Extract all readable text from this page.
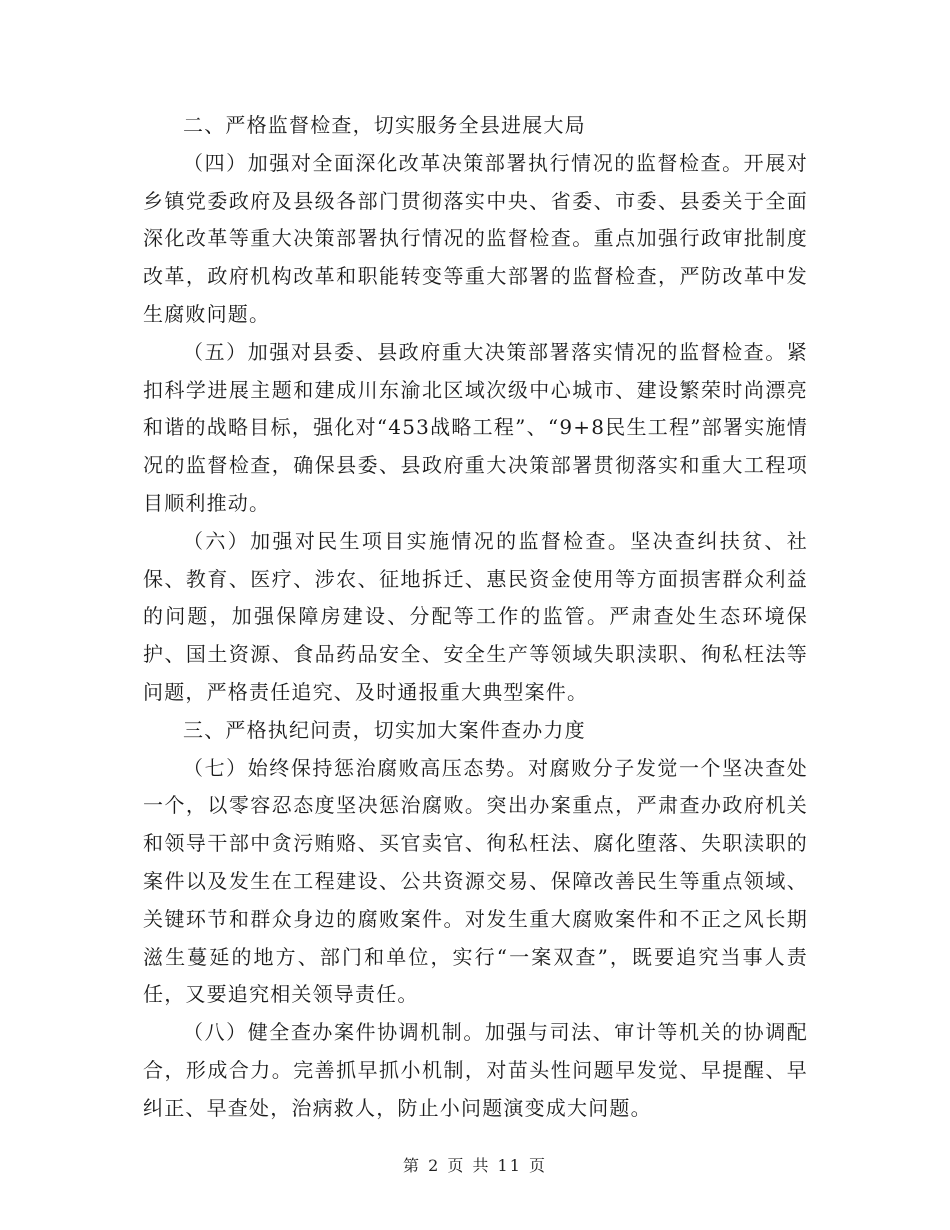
二、严格监督检查，切实服务全县进展大局

（四）加强对全面深化改革决策部署执行情况的监督检查。开展对乡镇党委政府及县级各部门贯彻落实中央、省委、市委、县委关于全面深化改革等重大决策部署执行情况的监督检查。重点加强行政审批制度改革，政府机构改革和职能转变等重大部署的监督检查，严防改革中发生腐败问题。

（五）加强对县委、县政府重大决策部署落实情况的监督检查。紧扣科学进展主题和建成川东渝北区域次级中心城市、建设繁荣时尚漂亮和谐的战略目标，强化对“453战略工程”、“9+8民生工程”部署实施情况的监督检查，确保县委、县政府重大决策部署贯彻落实和重大工程项目顺利推动。

（六）加强对民生项目实施情况的监督检查。坚决查纠扶贫、社保、教育、医疗、涉农、征地拆迁、惠民资金使用等方面损害群众利益的问题，加强保障房建设、分配等工作的监管。严肃查处生态环境保护、国土资源、食品药品安全、安全生产等领域失职渎职、徇私枉法等问题，严格责任追究、及时通报重大典型案件。

三、严格执纪问责，切实加大案件查办力度

（七）始终保持惩治腐败高压态势。对腐败分子发觉一个坚决查处一个，以零容忍态度坚决惩治腐败。突出办案重点，严肃查办政府机关和领导干部中贪污贿赂、买官卖官、徇私枉法、腐化堕落、失职渎职的案件以及发生在工程建设、公共资源交易、保障改善民生等重点领域、关键环节和群众身边的腐败案件。对发生重大腐败案件和不正之风长期滋生蔓延的地方、部门和单位，实行“一案双查”，既要追究当事人责任，又要追究相关领导责任。

（八）健全查办案件协调机制。加强与司法、审计等机关的协调配合，形成合力。完善抓早抓小机制，对苗头性问题早发觉、早提醒、早纠正、早查处，治病救人，防止小问题演变成大问题。

第 2 页 共 11 页
